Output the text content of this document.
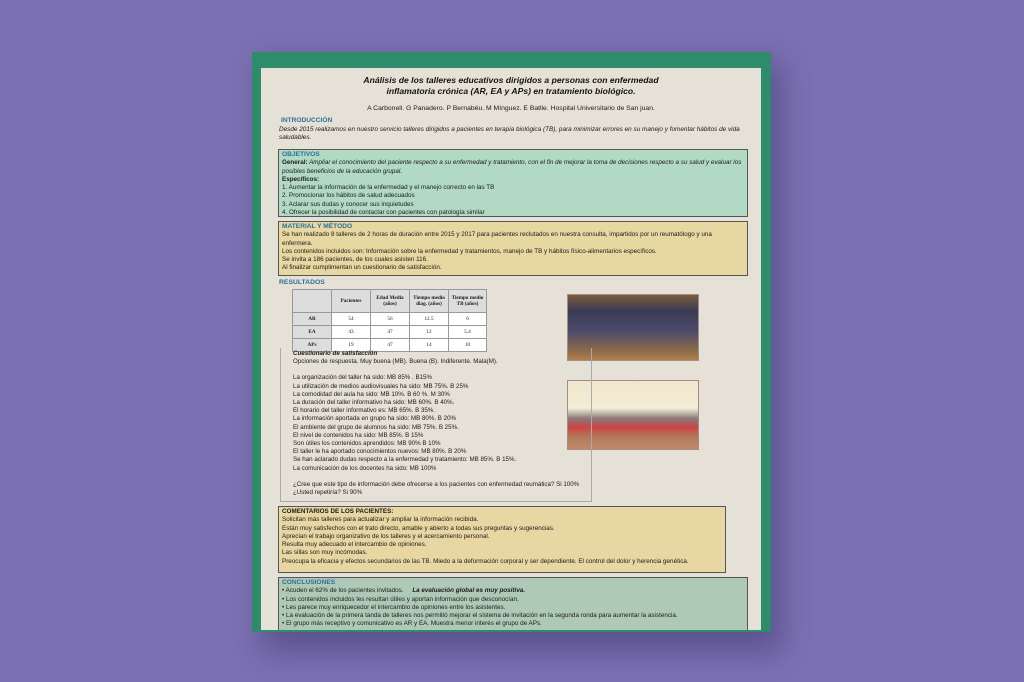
Análisis de los talleres educativos dirigidos a personas con enfermedad
inflamatoria crónica (AR, EA y APs) en tratamiento biológico.
A Carbonell. G Panadero. P Bernabéu. M Mínguez. E Batlle. Hospital Universitario de San juan.
INTRODUCCIÓN
Desde 2015 realizamos en nuestro servicio talleres dirigidos a pacientes en terapia biológica (TB), para minimizar errores en su manejo y fomentar hábitos de vida saludables.
OBJETIVOS
General: Ampliar el conocimiento del paciente respecto a su enfermedad y tratamiento, con el fin de mejorar la toma de decisiones respecto a su salud y evaluar los posibles beneficios de la educación grupal.
Específicos:
1. Aumentar la información de la enfermedad y el manejo correcto en las TB
2. Promocionar los hábitos de salud adecuados
3. Aclarar sus dudas y conocer sus inquietudes
4. Ofrecer la posibilidad de contactar con pacientes con patología similar
MATERIAL Y MÉTODO
Se han realizado 8 talleres de 2 horas de duración entre 2015 y 2017 para pacientes reclutados en nuestra consulta, impartidos por un reumatólogo y una enfermera.
Los contenidos incluidos son: Información sobre la enfermedad y tratamientos, manejo de TB y hábitos físico-alimentarios específicos.
Se invita a 186 pacientes, de los cuales asisten 116.
Al finalizar cumplimentan un cuestionario de satisfacción.
RESULTADOS
	Pacientes	Edad Media (años)	Tiempo medio diag. (años)	Tiempo medio TB (años)
AR	54	56	12.5	6
EA	43	47	12	5.4
APs	19	47	14	10
Cuestionario de satisfacción
Opciones de respuesta. Muy buena (MB). Buena (B). Indiferente. Mala(M).
La organización del taller ha sido: MB 85% . B15%
La utilización de medios audiovisuales ha sido: MB 75%. B 25%
La comodidad del aula ha sido: MB 10%. B 60 %. M 30%
La duración del taller informativo ha sido: MB 60%. B 40%.
El horario del taller informativo es: MB 65%. B 35%.
La información aportada en grupo ha sido: MB 80%. B 20%
El ambiente del grupo de alumnos ha sido: MB 75%. B 25%.
El nivel de contenidos ha sido: MB 85%. B 15%
Son útiles los contenidos aprendidos: MB 90% B 10%
El taller le ha aportado conocimientos nuevos: MB 80%. B 20%
Se han aclarado dudas respecto a la enfermedad y tratamiento: MB 85%. B 15%.
La comunicación de los docentes ha sido: MB 100%
¿Cree que este tipo de información debe ofrecerse a los pacientes con enfermedad reumática? Si 100%
¿Usted repetiría? Si 90%
COMENTARIOS DE LOS PACIENTES:
Solicitan más talleres para actualizar y ampliar la información recibida.
Están muy satisfechos con el trato directo, amable y abierto a todas sus preguntas y sugerencias.
Aprecian el trabajo organizativo de los talleres y el acercamiento personal.
Resulta muy adecuado el intercambio de opiniones.
Las sillas son muy incómodas.
Preocupa la eficacia y efectos secundarios de las TB. Miedo a la deformación corporal y ser dependiente. El control del dolor y herencia genética.
CONCLUSIONES
• Acuden el 62% de los pacientes invitados. La evaluación global es muy positiva.
• Los contenidos incluidos les resultan útiles y aportan información que desconocían.
• Les parece muy enriquecedor el intercambio de opiniones entre los asistentes.
• La evaluación de la primera tanda de talleres nos permitió mejorar el sistema de invitación en la segunda ronda para aumentar la asistencia.
• El grupo más receptivo y comunicativo es AR y EA. Muestra menor interés el grupo de APs.
